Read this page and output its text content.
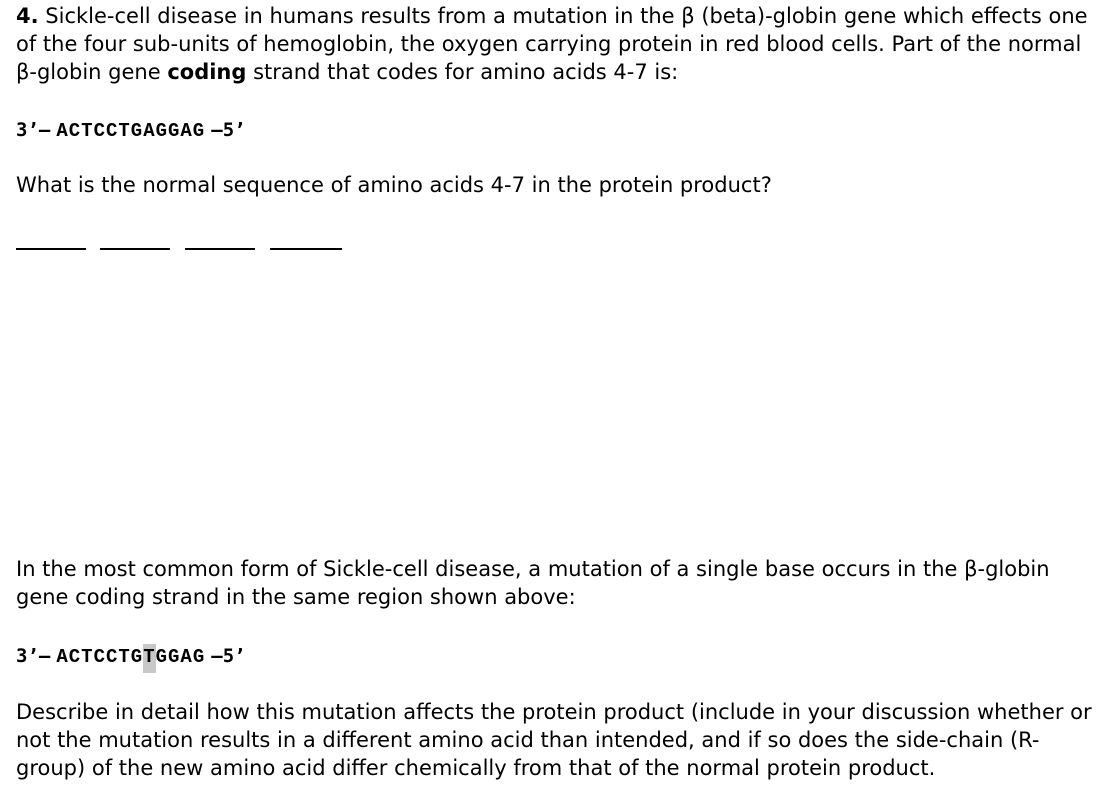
4. Sickle-cell disease in humans results from a mutation in the β (beta)-globin gene which effects one of the four sub-units of hemoglobin, the oxygen carrying protein in red blood cells. Part of the normal β-globin gene coding strand that codes for amino acids 4-7 is:

3’– ACTCCTGAGGAG –5’

What is the normal sequence of amino acids 4-7 in the protein product?

In the most common form of Sickle-cell disease, a mutation of a single base occurs in the β-globin gene coding strand in the same region shown above:

3’– ACTCCTGTGGAG –5’

Describe in detail how this mutation affects the protein product (include in your discussion whether or not the mutation results in a different amino acid than intended, and if so does the side-chain (R-group) of the new amino acid differ chemically from that of the normal protein product.
